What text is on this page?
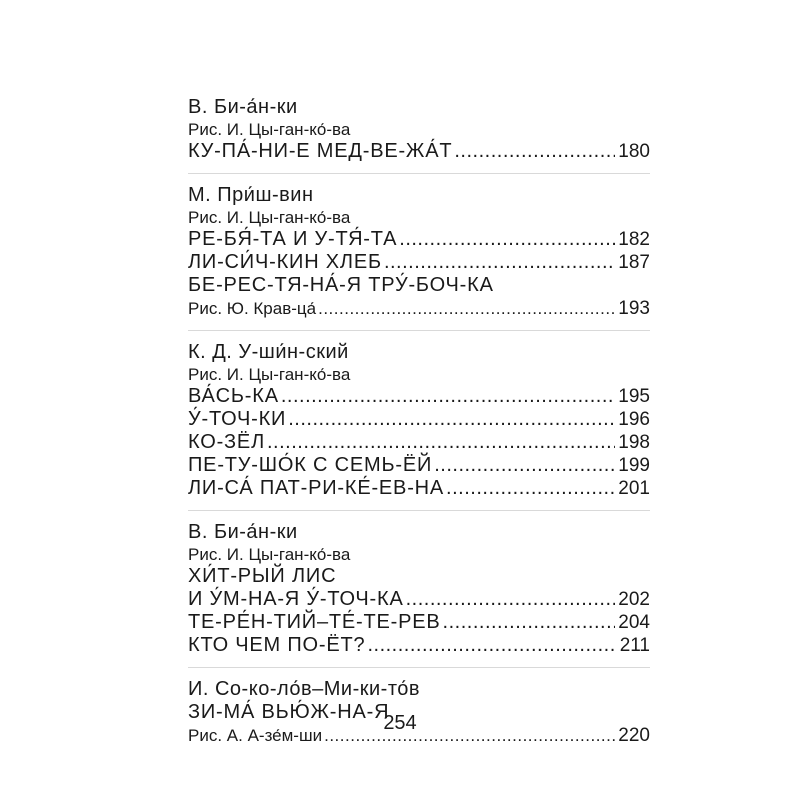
В. Би-а́н-ки
Рис. И. Цы-ган-ко́-ва
КУ-ПА́-НИ-Е МЕД-ВЕ-ЖА́Т .....	180
М. При́ш-вин
Рис. И. Цы-ган-ко́-ва
РЕ-БЯ́-ТА И У-ТЯ́-ТА .....	182
ЛИ-СИ́Ч-КИН ХЛЕБ .....	187
БЕ-РЕС-ТЯ-НА́-Я ТРУ́-БОЧ-КА
Рис. Ю. Крав-ца́ .....	193
К. Д. У-ши́н-ский
Рис. И. Цы-ган-ко́-ва
ВА́СЬ-КА .....	195
У́-ТОЧ-КИ .....	196
КО-ЗЁЛ .....	198
ПЕ-ТУ-ШО́К С СЕМЬ-ЁЙ .....	199
ЛИ-СА́ ПАТ-РИ-КЕ́-ЕВ-НА .....	201
В. Би-а́н-ки
Рис. И. Цы-ган-ко́-ва
ХИ́Т-РЫЙ ЛИС
И У́М-НА-Я У́-ТОЧ-КА .....	202
ТЕ-РЕ́Н-ТИЙ–ТЕ́-ТЕ-РЕВ .....	204
КТО ЧЕМ ПО-ЁТ? .....	211
И. Со-ко-ло́в–Ми-ки-то́в
ЗИ-МА́ ВЬЮ́Ж-НА-Я
Рис. А. А-зе́м-ши .....	220
254
